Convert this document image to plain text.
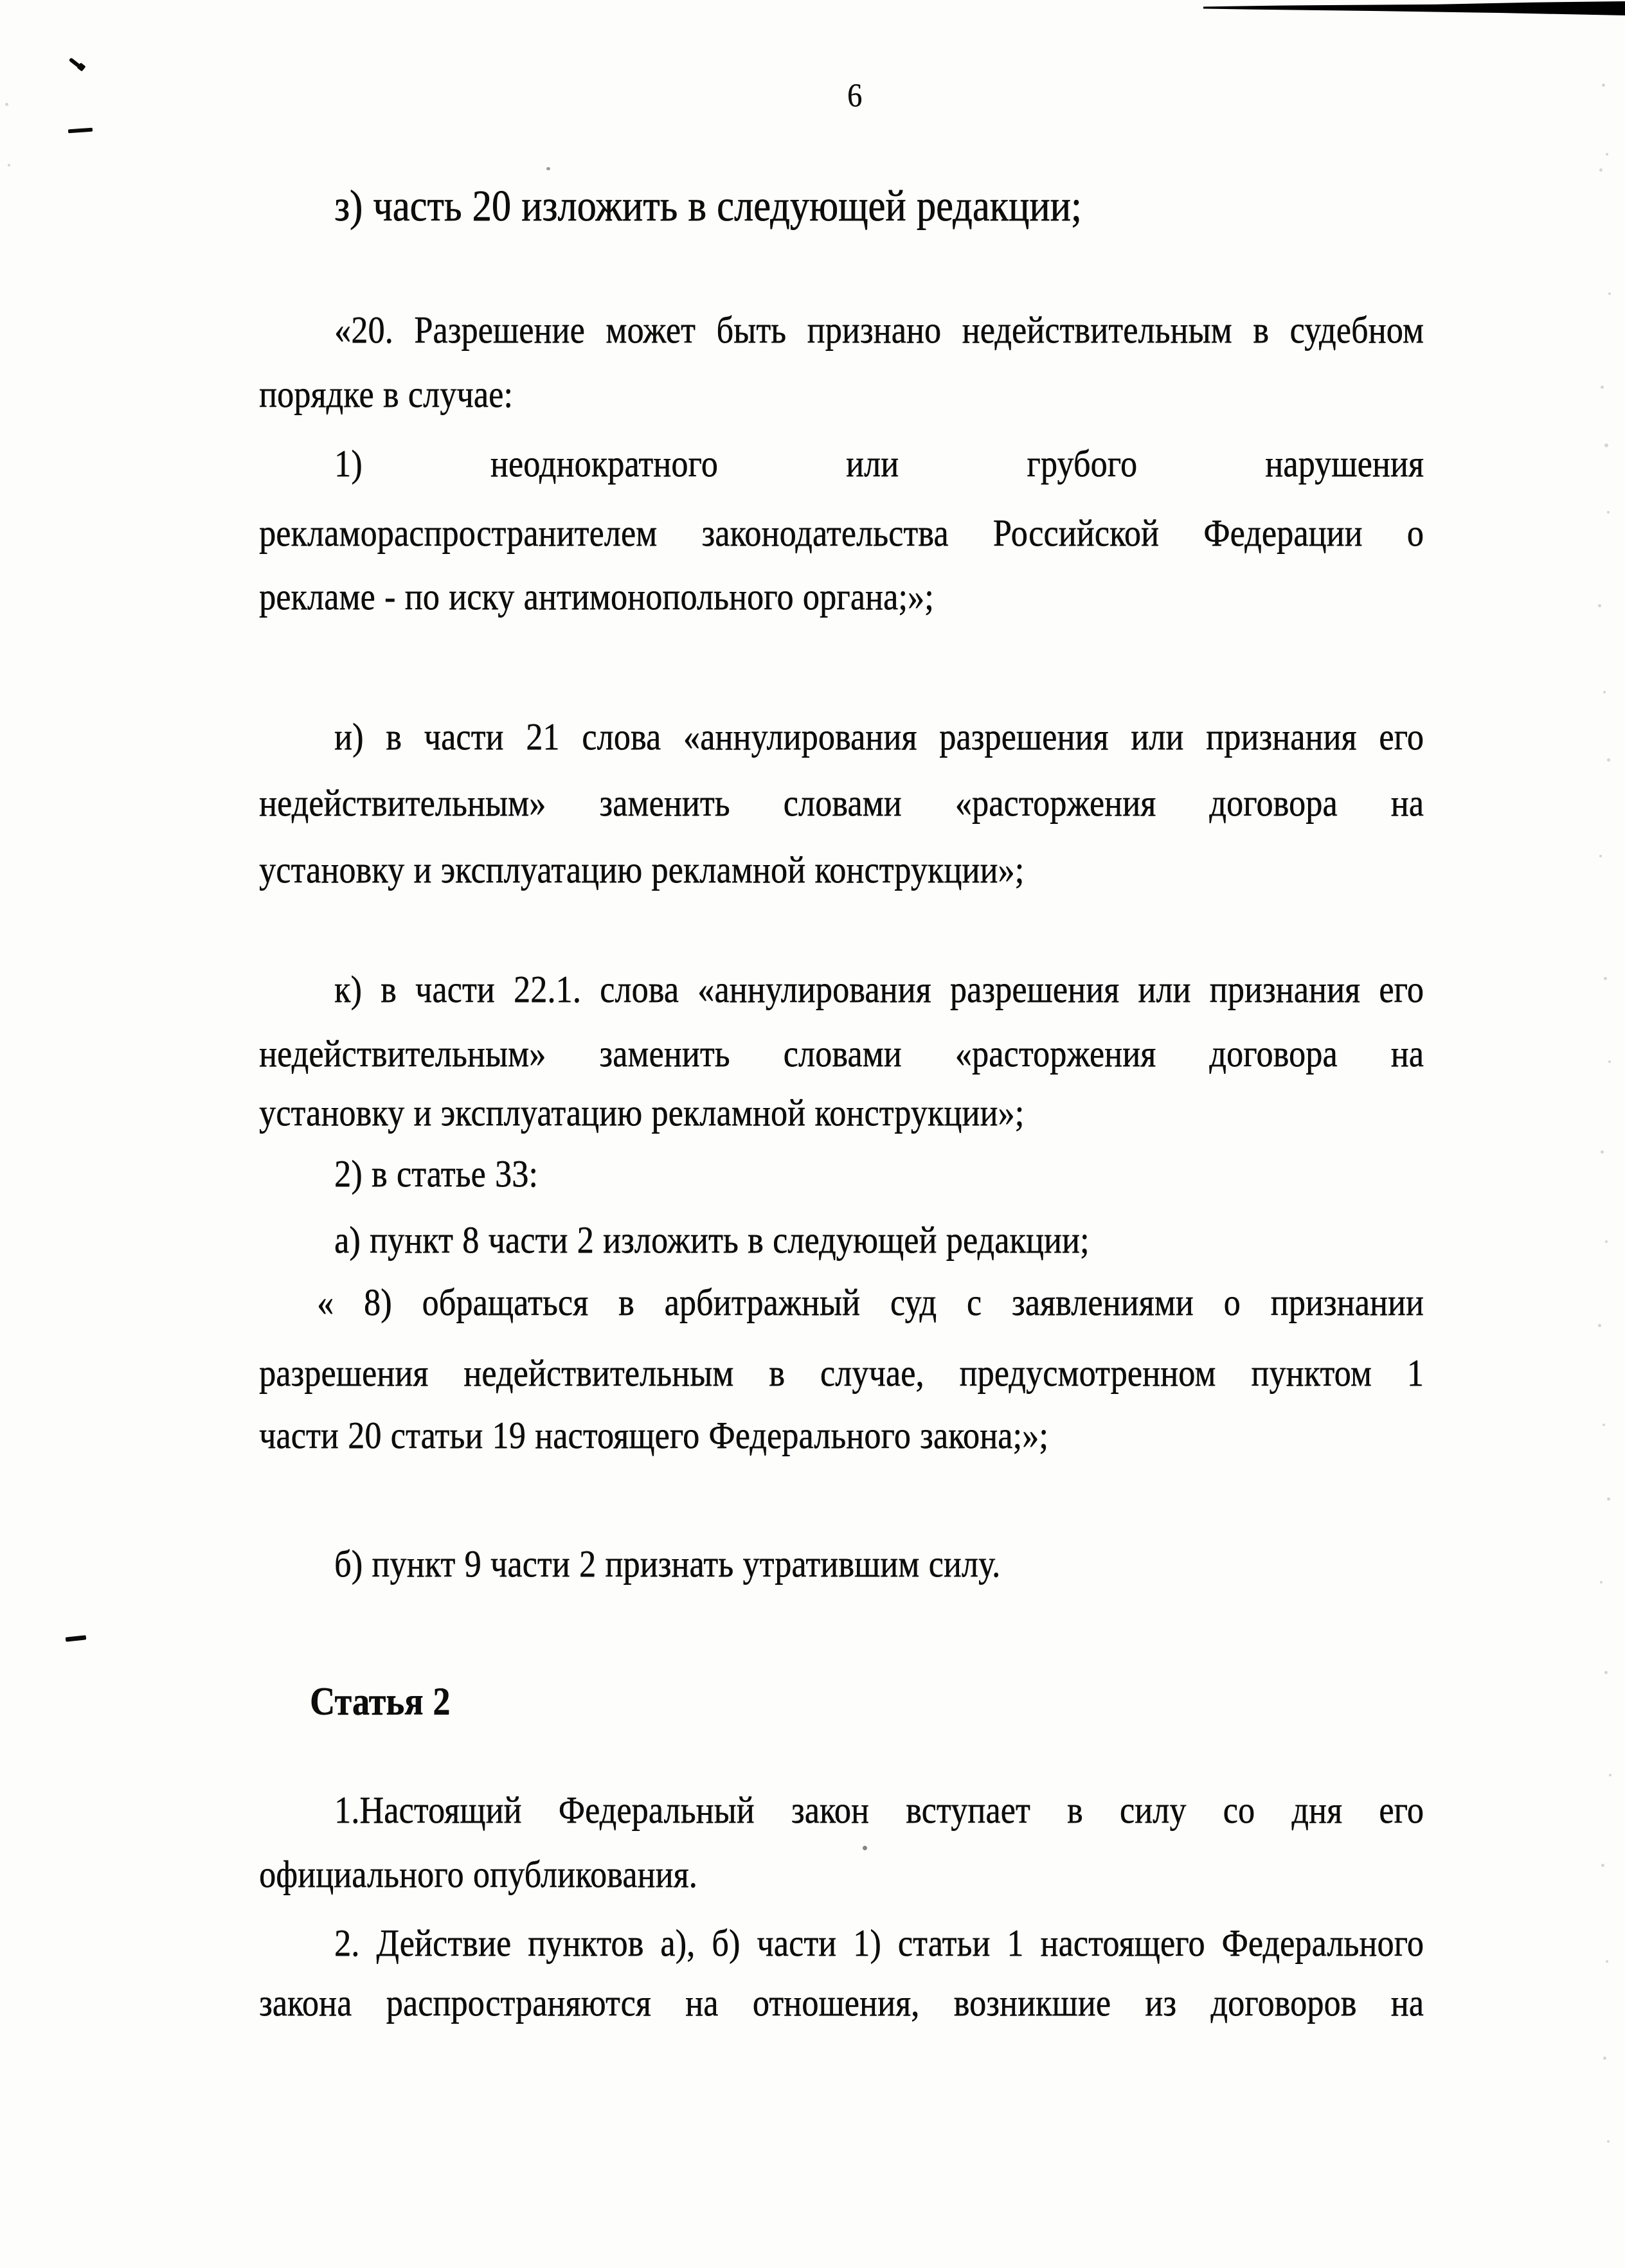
6
з) часть 20 изложить в следующей редакции;
«20. Разрешение может быть признано недействительным в судебном
порядке в случае:
1) неоднократного или грубого нарушения
рекламораспространителем законодательства Российской Федерации о
рекламе - по иску антимонопольного органа;»;
и) в части 21 слова «аннулирования разрешения или признания его
недействительным» заменить словами «расторжения договора на
установку и эксплуатацию рекламной конструкции»;
к) в части 22.1. слова «аннулирования разрешения или признания его
недействительным» заменить словами «расторжения договора на
установку и эксплуатацию рекламной конструкции»;
2) в статье 33:
а) пункт 8 части 2 изложить в следующей редакции;
« 8) обращаться в арбитражный суд с заявлениями о признании
разрешения недействительным в случае, предусмотренном пунктом 1
части 20 статьи 19 настоящего Федерального закона;»;
б) пункт 9 части 2 признать утратившим силу.
Статья 2
1.Настоящий Федеральный закон вступает в силу со дня его
официального опубликования.
2. Действие пунктов а), б) части 1) статьи 1 настоящего Федерального
закона распространяются на отношения, возникшие из договоров на
